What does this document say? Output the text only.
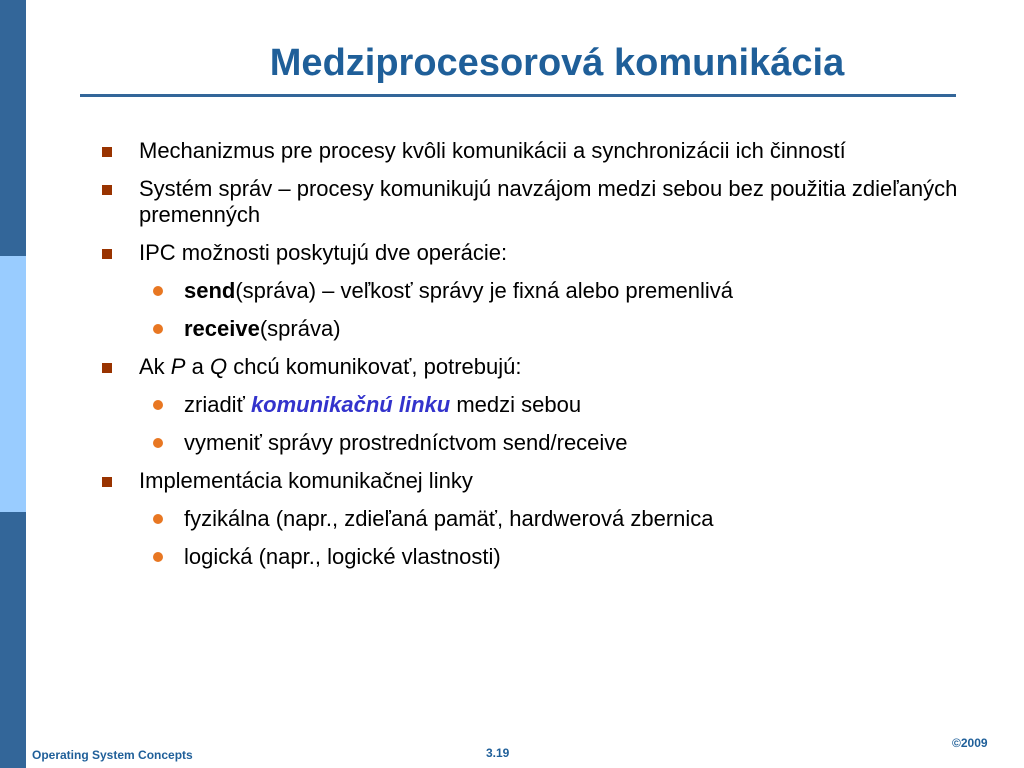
Medziprocesorová komunikácia
Mechanizmus pre procesy kvôli komunikácii a synchronizácii ich činností
Systém správ – procesy komunikujú navzájom medzi sebou bez použitia zdieľaných premenných
IPC možnosti poskytujú dve operácie:
send(správa) – veľkosť správy je fixná alebo premenlivá
receive(správa)
Ak P a Q chcú komunikovať, potrebujú:
zriadiť komunikačnú linku medzi sebou
vymeniť správy prostredníctvom send/receive
Implementácia komunikačnej linky
fyzikálna (napr., zdieľaná pamäť, hardwerová zbernica
logická (napr., logické vlastnosti)
Operating System Concepts	3.19
©2009
